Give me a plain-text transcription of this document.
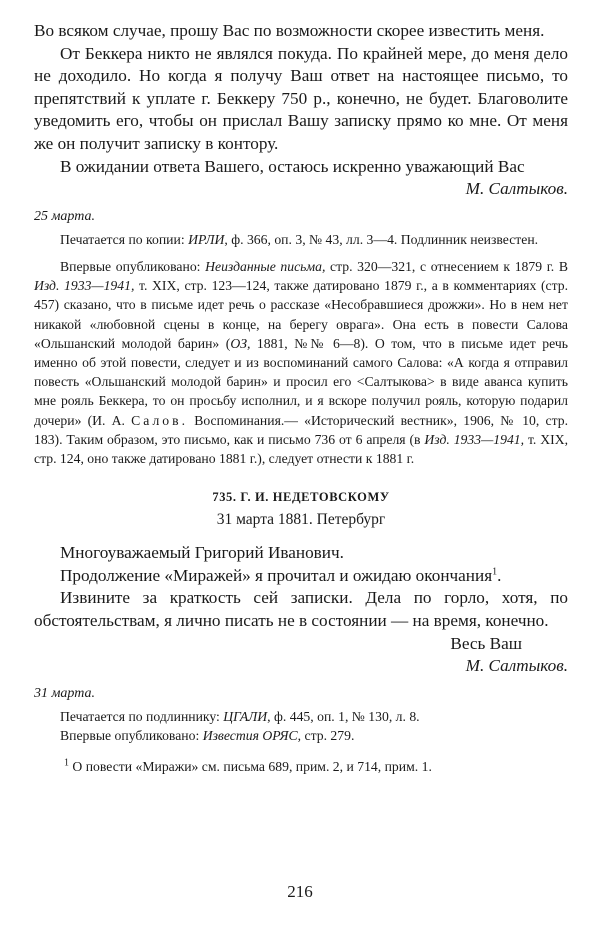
Во всяком случае, прошу Вас по возможности скорее известить меня.

От Беккера никто не являлся покуда. По крайней мере, до меня дело не доходило. Но когда я получу Ваш ответ на настоящее письмо, то препятствий к уплате г. Беккеру 750 р., конечно, не будет. Благоволите уведомить его, чтобы он прислал Вашу записку прямо ко мне. От меня же он получит записку в контору.

В ожидании ответа Вашего, остаюсь искренно уважающий Вас

М. Салтыков.

25 марта.

Печатается по копии: ИРЛИ, ф. 366, оп. 3, № 43, лл. 3—4. Подлинник неизвестен.

Впервые опубликовано: Неизданные письма, стр. 320—321, с отнесением к 1879 г. В Изд. 1933—1941, т. XIX, стр. 123—124, также датировано 1879 г., а в комментариях (стр. 457) сказано, что в письме идет речь о рассказе «Несобравшиеся дрожжи». Но в нем нет никакой «любовной сцены в конце, на берегу оврага». Она есть в повести Салова «Ольшанский молодой барин» (ОЗ, 1881, №№ 6—8). О том, что в письме идет речь именно об этой повести, следует и из воспоминаний самого Салова: «А когда я отправил повесть «Ольшанский молодой барин» и просил его <Салтыкова> в виде аванса купить мне рояль Беккера, то он просьбу исполнил, и я вскоре получил рояль, которую подарил дочери» (И. А. Салов. Воспоминания.— «Исторический вестник», 1906, № 10, стр. 183). Таким образом, это письмо, как и письмо 736 от 6 апреля (в Изд. 1933—1941, т. XIX, стр. 124, оно также датировано 1881 г.), следует отнести к 1881 г.

735. Г. И. НЕДЕТОВСКОМУ

31 марта 1881. Петербург

Многоуважаемый Григорий Иванович.

Продолжение «Миражей» я прочитал и ожидаю окончания$^1$.

Извините за краткость сей записки. Дела по горло, хотя, по обстоятельствам, я лично писать не в состоянии — на время, конечно.

Весь Ваш

М. Салтыков.

31 марта.

Печатается по подлиннику: ЦГАЛИ, ф. 445, оп. 1, № 130, л. 8.

Впервые опубликовано: Известия ОРЯС, стр. 279.

$^1$ О повести «Миражи» см. письма 689, прим. 2, и 714, прим. 1.

216
